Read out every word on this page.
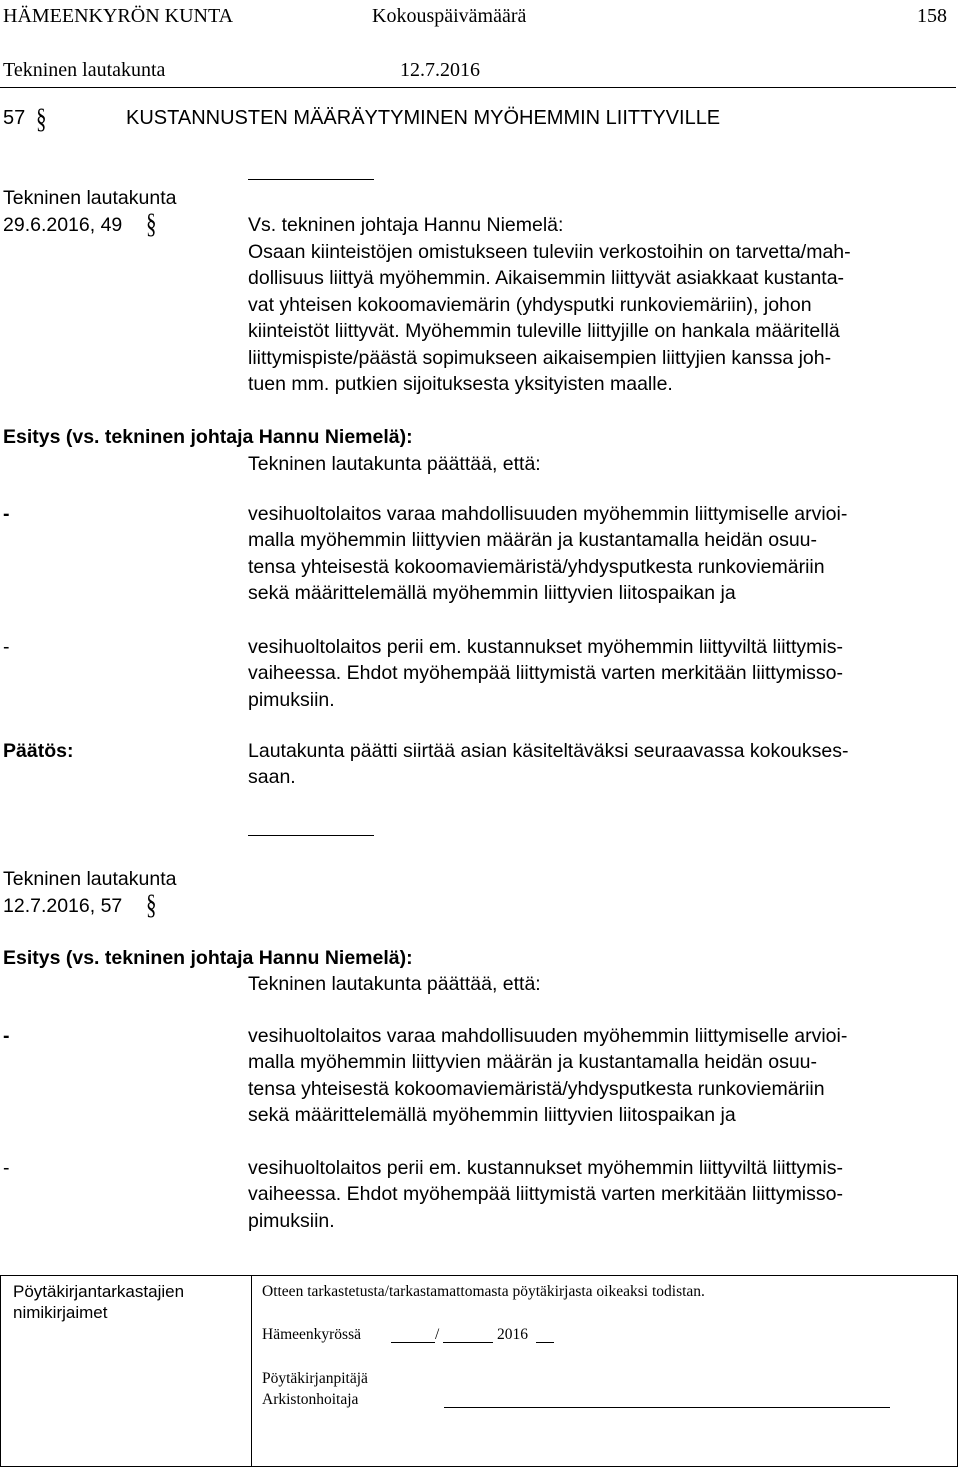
HÄMEENKYRÖN KUNTA	Kokouspäivämäärä	158
Tekninen lautakunta	12.7.2016
57 §	KUSTANNUSTEN MÄÄRÄYTYMINEN MYÖHEMMIN LIITTYVILLE
Tekninen lautakunta
29.6.2016, 49 §	Vs. tekninen johtaja Hannu Niemelä:
Osaan kiinteistöjen omistukseen tuleviin verkostoihin on tarvetta/mah-
dollisuus liittyä myöhemmin. Aikaisemmin liittyvät asiakkaat kustanta-
vat yhteisen kokoomaviemärin (yhdysputki runkoviemäriin), johon
kiinteistöt liittyvät. Myöhemmin tuleville liittyjille on hankala määritellä
liittymispiste/päästä sopimukseen aikaisempien liittyjien kanssa joh-
tuen mm. putkien sijoituksesta yksityisten maalle.
Esitys (vs. tekninen johtaja Hannu Niemelä):
Tekninen lautakunta päättää, että:
-	vesihuoltolaitos varaa mahdollisuuden myöhemmin liittymiselle arvioi-
malla myöhemmin liittyvien määrän ja kustantamalla heidän osuu-
tensa yhteisestä kokoomaviemäristä/yhdysputkesta runkoviemäriin
sekä määrittelemällä myöhemmin liittyvien liitospaikan ja
-	vesihuoltolaitos perii em. kustannukset myöhemmin liittyviltä liittymis-
vaiheessa. Ehdot myöhempää liittymistä varten merkitään liittymisso-
pimuksiin.
Päätös:	Lautakunta päätti siirtää asian käsiteltäväksi seuraavassa kokoukses-
saan.
Tekninen lautakunta
12.7.2016, 57 §
Esitys (vs. tekninen johtaja Hannu Niemelä):
Tekninen lautakunta päättää, että:
-	vesihuoltolaitos varaa mahdollisuuden myöhemmin liittymiselle arvioi-
malla myöhemmin liittyvien määrän ja kustantamalla heidän osuu-
tensa yhteisestä kokoomaviemäristä/yhdysputkesta runkoviemäriin
sekä määrittelemällä myöhemmin liittyvien liitospaikan ja
-	vesihuoltolaitos perii em. kustannukset myöhemmin liittyviltä liittymis-
vaiheessa. Ehdot myöhempää liittymistä varten merkitään liittymisso-
pimuksiin.
Pöytäkirjantarkastajien
nimikirjaimet
Otteen tarkastetusta/tarkastamattomasta pöytäkirjasta oikeaksi todistan.
Hämeenkyrössä	/	2016
Pöytäkirjanpitäjä
Arkistonhoitaja
